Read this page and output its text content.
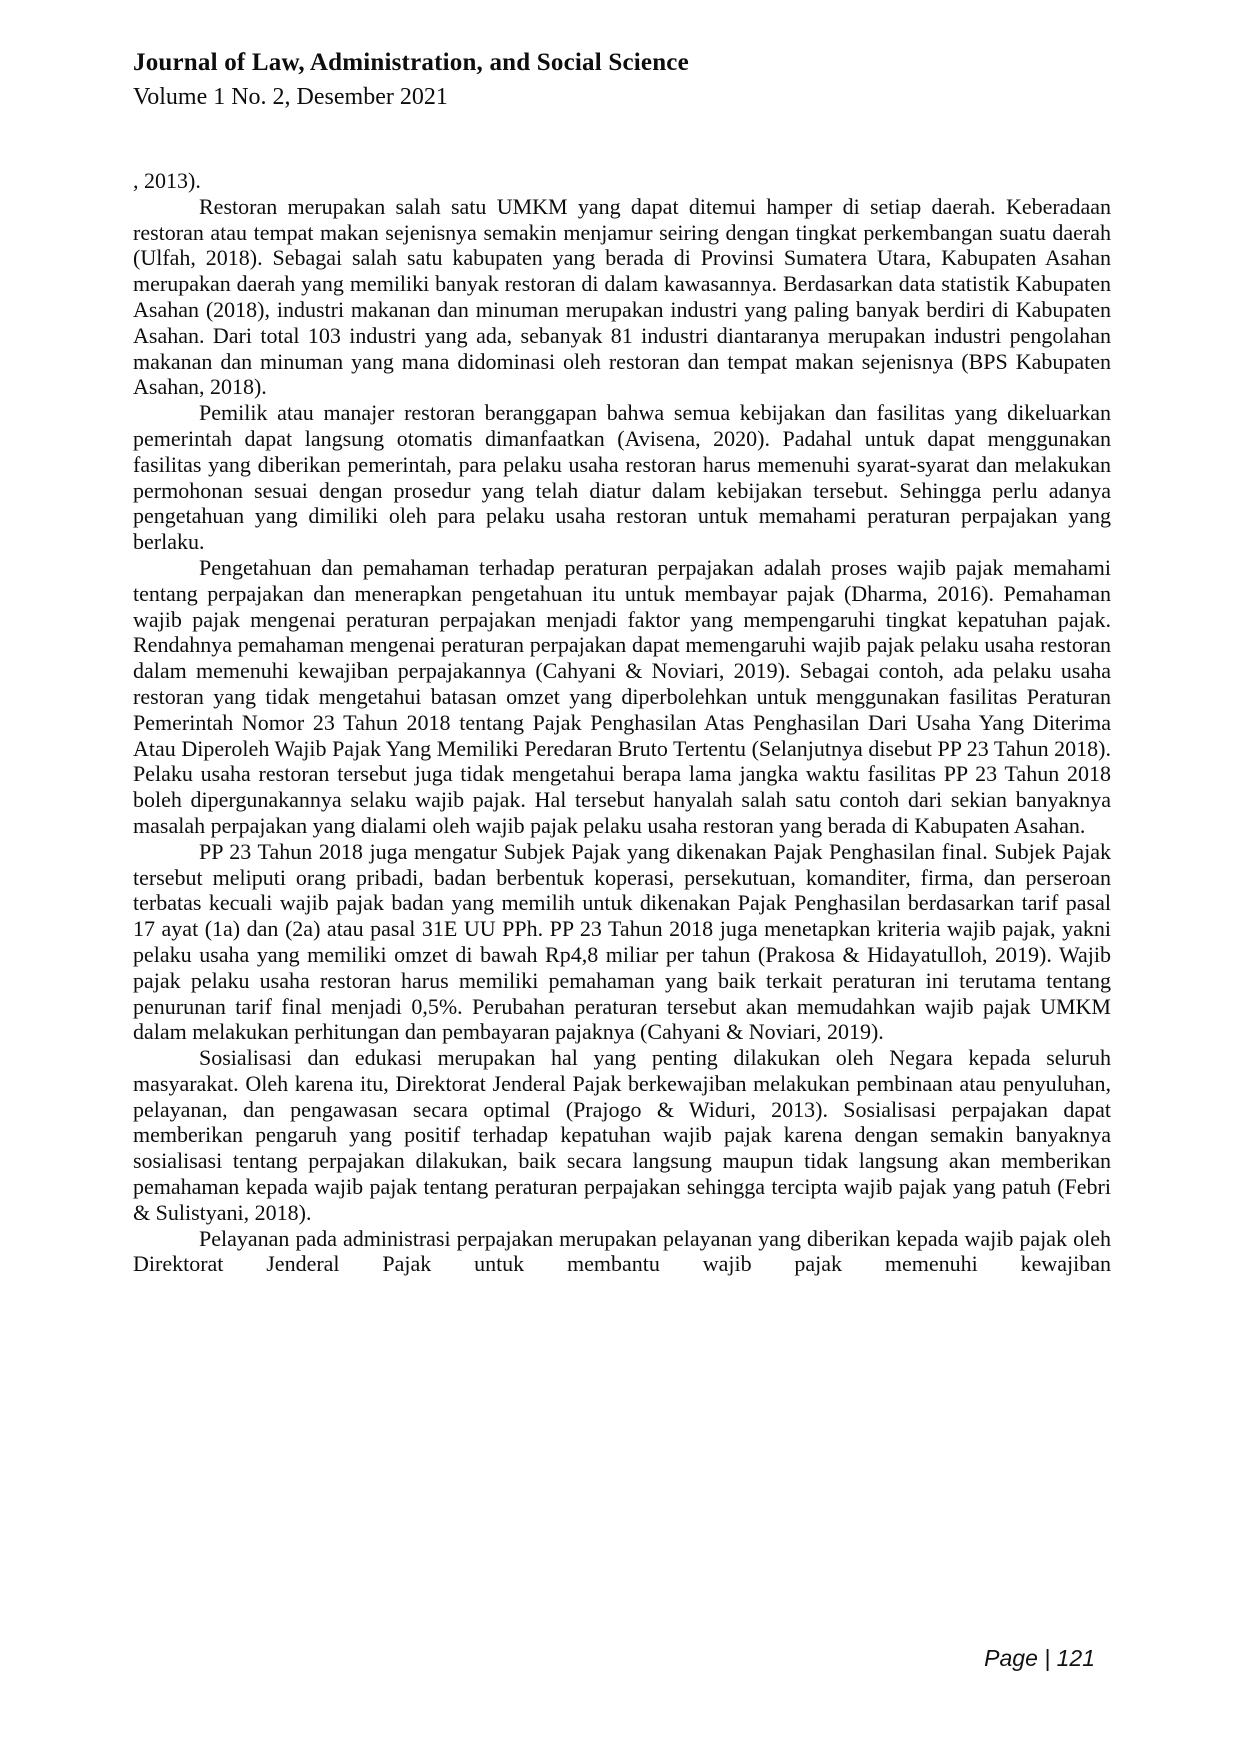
Journal of Law, Administration, and Social Science

Volume 1 No. 2, Desember 2021

, 2013).

Restoran merupakan salah satu UMKM yang dapat ditemui hamper di setiap daerah. Keberadaan restoran atau tempat makan sejenisnya semakin menjamur seiring dengan tingkat perkembangan suatu daerah (Ulfah, 2018). Sebagai salah satu kabupaten yang berada di Provinsi Sumatera Utara, Kabupaten Asahan merupakan daerah yang memiliki banyak restoran di dalam kawasannya. Berdasarkan data statistik Kabupaten Asahan (2018), industri makanan dan minuman merupakan industri yang paling banyak berdiri di Kabupaten Asahan. Dari total 103 industri yang ada, sebanyak 81 industri diantaranya merupakan industri pengolahan makanan dan minuman yang mana didominasi oleh restoran dan tempat makan sejenisnya (BPS Kabupaten Asahan, 2018).

Pemilik atau manajer restoran beranggapan bahwa semua kebijakan dan fasilitas yang dikeluarkan pemerintah dapat langsung otomatis dimanfaatkan (Avisena, 2020). Padahal untuk dapat menggunakan fasilitas yang diberikan pemerintah, para pelaku usaha restoran harus memenuhi syarat-syarat dan melakukan permohonan sesuai dengan prosedur yang telah diatur dalam kebijakan tersebut. Sehingga perlu adanya pengetahuan yang dimiliki oleh para pelaku usaha restoran untuk memahami peraturan perpajakan yang berlaku.

Pengetahuan dan pemahaman terhadap peraturan perpajakan adalah proses wajib pajak memahami tentang perpajakan dan menerapkan pengetahuan itu untuk membayar pajak (Dharma, 2016). Pemahaman wajib pajak mengenai peraturan perpajakan menjadi faktor yang mempengaruhi tingkat kepatuhan pajak. Rendahnya pemahaman mengenai peraturan perpajakan dapat memengaruhi wajib pajak pelaku usaha restoran dalam memenuhi kewajiban perpajakannya (Cahyani & Noviari, 2019). Sebagai contoh, ada pelaku usaha restoran yang tidak mengetahui batasan omzet yang diperbolehkan untuk menggunakan fasilitas Peraturan Pemerintah Nomor 23 Tahun 2018 tentang Pajak Penghasilan Atas Penghasilan Dari Usaha Yang Diterima Atau Diperoleh Wajib Pajak Yang Memiliki Peredaran Bruto Tertentu (Selanjutnya disebut PP 23 Tahun 2018). Pelaku usaha restoran tersebut juga tidak mengetahui berapa lama jangka waktu fasilitas PP 23 Tahun 2018 boleh dipergunakannya selaku wajib pajak. Hal tersebut hanyalah salah satu contoh dari sekian banyaknya masalah perpajakan yang dialami oleh wajib pajak pelaku usaha restoran yang berada di Kabupaten Asahan.

PP 23 Tahun 2018 juga mengatur Subjek Pajak yang dikenakan Pajak Penghasilan final. Subjek Pajak tersebut meliputi orang pribadi, badan berbentuk koperasi, persekutuan, komanditer, firma, dan perseroan terbatas kecuali wajib pajak badan yang memilih untuk dikenakan Pajak Penghasilan berdasarkan tarif pasal 17 ayat (1a) dan (2a) atau pasal 31E UU PPh. PP 23 Tahun 2018 juga menetapkan kriteria wajib pajak, yakni pelaku usaha yang memiliki omzet di bawah Rp4,8 miliar per tahun (Prakosa & Hidayatulloh, 2019). Wajib pajak pelaku usaha restoran harus memiliki pemahaman yang baik terkait peraturan ini terutama tentang penurunan tarif final menjadi 0,5%. Perubahan peraturan tersebut akan memudahkan wajib pajak UMKM dalam melakukan perhitungan dan pembayaran pajaknya (Cahyani & Noviari, 2019).

Sosialisasi dan edukasi merupakan hal yang penting dilakukan oleh Negara kepada seluruh masyarakat. Oleh karena itu, Direktorat Jenderal Pajak berkewajiban melakukan pembinaan atau penyuluhan, pelayanan, dan pengawasan secara optimal (Prajogo & Widuri, 2013). Sosialisasi perpajakan dapat memberikan pengaruh yang positif terhadap kepatuhan wajib pajak karena dengan semakin banyaknya sosialisasi tentang perpajakan dilakukan, baik secara langsung maupun tidak langsung akan memberikan pemahaman kepada wajib pajak tentang peraturan perpajakan sehingga tercipta wajib pajak yang patuh (Febri & Sulistyani, 2018).

Pelayanan pada administrasi perpajakan merupakan pelayanan yang diberikan kepada wajib pajak oleh Direktorat Jenderal Pajak untuk membantu wajib pajak memenuhi kewajiban

Page | 121
